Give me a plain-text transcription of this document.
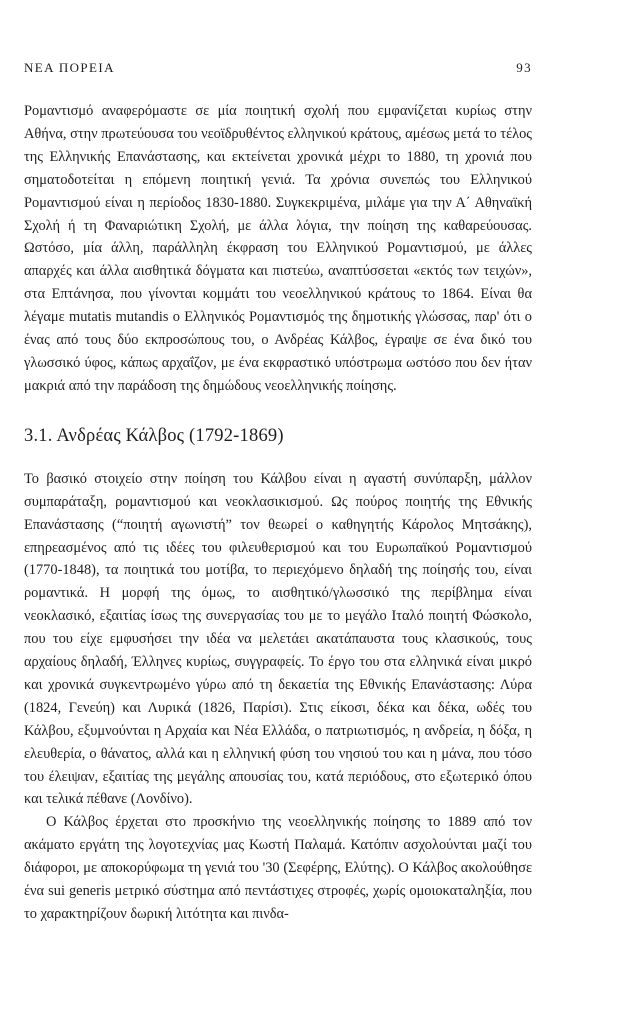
ΝΕΑ ΠΟΡΕΙΑ	93

Ρομαντισμό αναφερόμαστε σε μία ποιητική σχολή που εμφανίζεται κυρίως στην Αθήνα, στην πρωτεύουσα του νεοϊδρυθέντος ελληνικού κράτους, αμέσως μετά το τέλος της Ελληνικής Επανάστασης, και εκτείνεται χρονικά μέχρι το 1880, τη χρονιά που σηματοδοτείται η επόμενη ποιητική γενιά. Τα χρόνια συνεπώς του Ελληνικού Ρομαντισμού είναι η περίοδος 1830-1880. Συγκεκριμένα, μιλάμε για την Α΄ Αθηναϊκή Σχολή ή τη Φαναριώτικη Σχολή, με άλλα λόγια, την ποίηση της καθαρεύουσας. Ωστόσο, μία άλλη, παράλληλη έκφραση του Ελληνικού Ρομαντισμού, με άλλες απαρχές και άλλα αισθητικά δόγματα και πιστεύω, αναπτύσσεται «εκτός των τειχών», στα Επτάνησα, που γίνονται κομμάτι του νεοελληνικού κράτους το 1864. Είναι θα λέγαμε mutatis mutandis ο Ελληνικός Ρομαντισμός της δημοτικής γλώσσας, παρ' ότι ο ένας από τους δύο εκπροσώπους του, ο Ανδρέας Κάλβος, έγραψε σε ένα δικό του γλωσσικό ύφος, κάπως αρχαΐζον, με ένα εκφραστικό υπόστρωμα ωστόσο που δεν ήταν μακριά από την παράδοση της δημώδους νεοελληνικής ποίησης.

3.1. Ανδρέας Κάλβος (1792-1869)

Το βασικό στοιχείο στην ποίηση του Κάλβου είναι η αγαστή συνύπαρξη, μάλλον συμπαράταξη, ρομαντισμού και νεοκλασικισμού. Ως πούρος ποιητής της Εθνικής Επανάστασης (“ποιητή αγωνιστή” τον θεωρεί ο καθηγητής Κάρολος Μητσάκης), επηρεασμένος από τις ιδέες του φιλευθερισμού και του Ευρωπαϊκού Ρομαντισμού (1770-1848), τα ποιητικά του μοτίβα, το περιεχόμενο δηλαδή της ποίησής του, είναι ρομαντικά. Η μορφή της όμως, το αισθητικό/γλωσσικό της περίβλημα είναι νεοκλασικό, εξαιτίας ίσως της συνεργασίας του με το μεγάλο Ιταλό ποιητή Φώσκολο, που του είχε εμφυσήσει την ιδέα να μελετάει ακατάπαυστα τους κλασικούς, τους αρχαίους δηλαδή, Έλληνες κυρίως, συγγραφείς. Το έργο του στα ελληνικά είναι μικρό και χρονικά συγκεντρωμένο γύρω από τη δεκαετία της Εθνικής Επανάστασης: Λύρα (1824, Γενεύη) και Λυρικά (1826, Παρίσι). Στις είκοσι, δέκα και δέκα, ωδές του Κάλβου, εξυμνούνται η Αρχαία και Νέα Ελλάδα, ο πατριωτισμός, η ανδρεία, η δόξα, η ελευθερία, ο θάνατος, αλλά και η ελληνική φύση του νησιού του και η μάνα, που τόσο του έλειψαν, εξαιτίας της μεγάλης απουσίας του, κατά περιόδους, στο εξωτερικό όπου και τελικά πέθανε (Λονδίνο).

Ο Κάλβος έρχεται στο προσκήνιο της νεοελληνικής ποίησης το 1889 από τον ακάματο εργάτη της λογοτεχνίας μας Κωστή Παλαμά. Κατόπιν ασχολούνται μαζί του διάφοροι, με αποκορύφωμα τη γενιά του '30 (Σεφέρης, Ελύτης). Ο Κάλβος ακολούθησε ένα sui generis μετρικό σύστημα από πεντάστιχες στροφές, χωρίς ομοιοκαταληξία, που το χαρακτηρίζουν δωρική λιτότητα και πινδα-
